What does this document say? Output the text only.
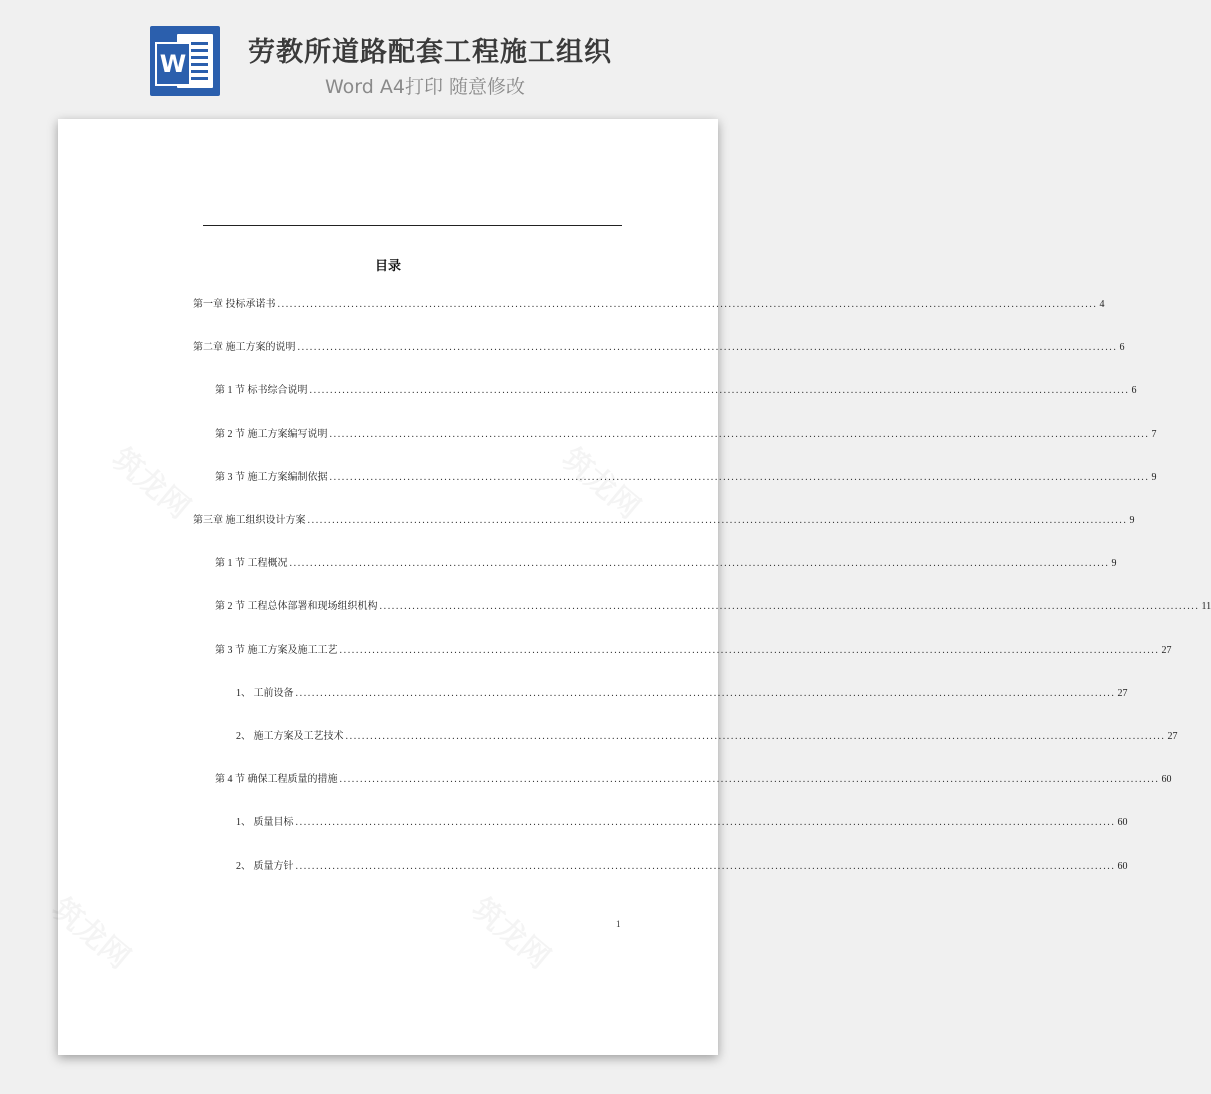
W 劳教所道路配套工程施工组织
Word A4打印 随意修改
目录
第一章 投标承诺书 ........................................................................................................................................................................................................ 4
第二章 施工方案的说明 ........................................................................................................................................................................................................ 6
第 1 节 标书综合说明 ........................................................................................................................................................................................................ 6
第 2 节 施工方案编写说明 ........................................................................................................................................................................................................ 7
第 3 节 施工方案编制依据 ........................................................................................................................................................................................................ 9
第三章 施工组织设计方案 ........................................................................................................................................................................................................ 9
第 1 节 工程概况 ........................................................................................................................................................................................................ 9
第 2 节 工程总体部署和现场组织机构 ........................................................................................................................................................................................................ 11
第 3 节 施工方案及施工工艺 ........................................................................................................................................................................................................ 27
1、 工前设备 ........................................................................................................................................................................................................ 27
2、 施工方案及工艺技术 ........................................................................................................................................................................................................ 27
第 4 节 确保工程质量的措施 ........................................................................................................................................................................................................ 60
1、 质量目标 ........................................................................................................................................................................................................ 60
2、 质量方针 ........................................................................................................................................................................................................ 60
1
